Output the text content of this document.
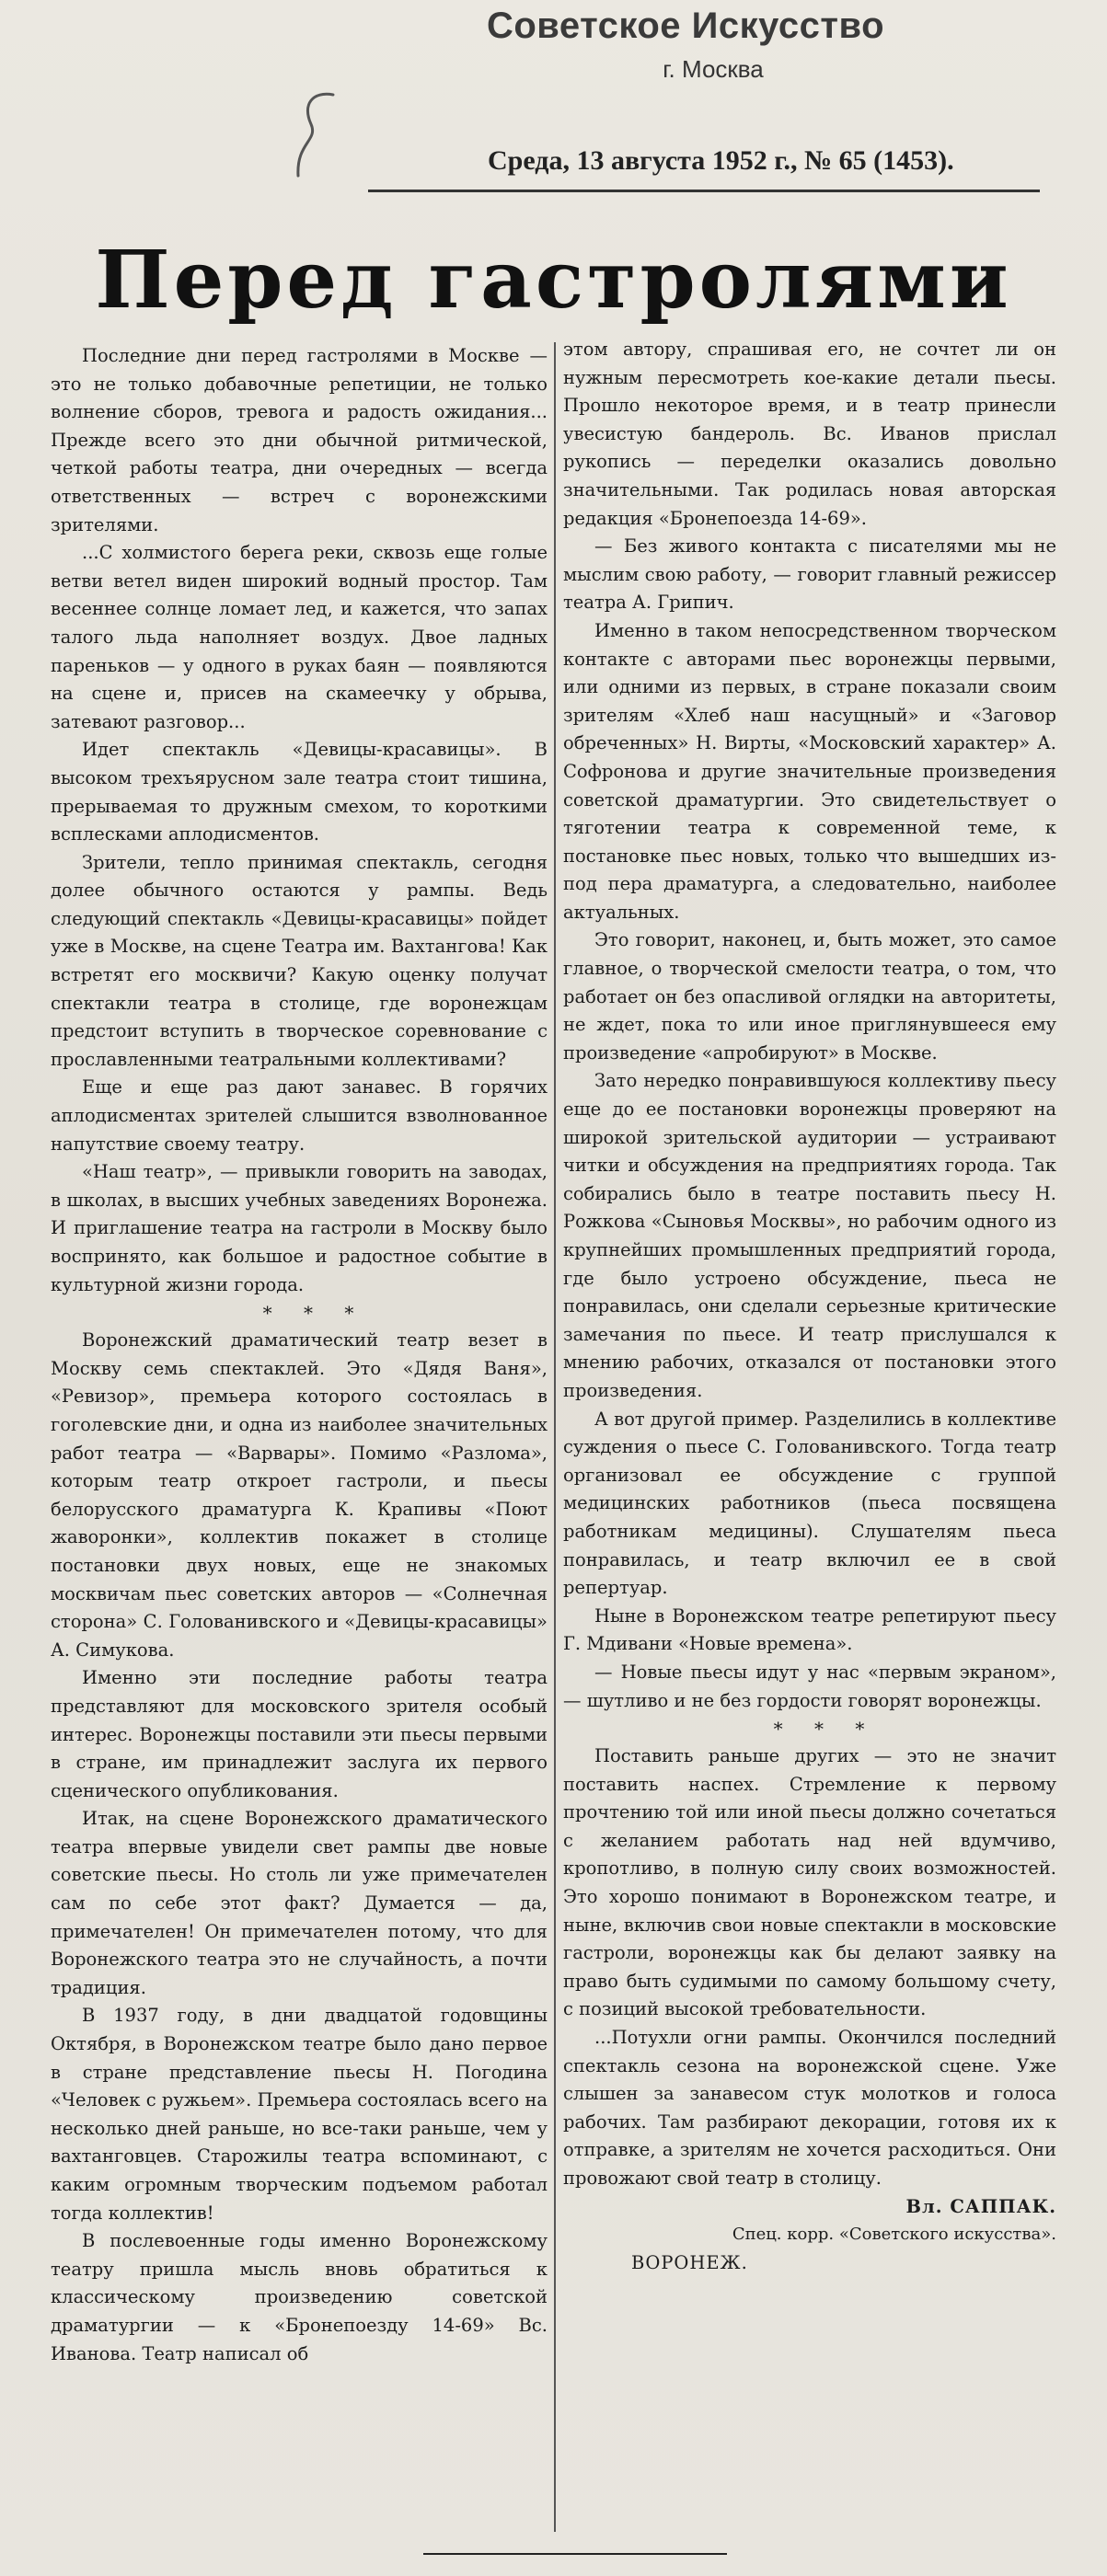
Советское Искусство
г. Москва
Среда, 13 августа 1952 г., № 65 (1453).
Перед гастролями

Последние дни перед гастролями в Москве — это не только добавочные репетиции, не только волнение сборов, тревога и радость ожидания... Прежде всего это дни обычной ритмической, четкой работы театра, дни очередных — всегда ответственных — встреч с воронежскими зрителями.

...С холмистого берега реки, сквозь еще голые ветви ветел виден широкий водный простор. Там весеннее солнце ломает лед, и кажется, что запах талого льда наполняет воздух. Двое ладных пареньков — у одного в руках баян — появляются на сцене и, присев на скамеечку у обрыва, затевают разговор...

Идет спектакль «Девицы-красавицы». В высоком трехъярусном зале театра стоит тишина, прерываемая то дружным смехом, то короткими всплесками аплодисментов.

Зрители, тепло принимая спектакль, сегодня долее обычного остаются у рампы. Ведь следующий спектакль «Девицы-красавицы» пойдет уже в Москве, на сцене Театра им. Вахтангова! Как встретят его москвичи? Какую оценку получат спектакли театра в столице, где воронежцам предстоит вступить в творческое соревнование с прославленными театральными коллективами?

Еще и еще раз дают занавес. В горячих аплодисментах зрителей слышится взволнованное напутствие своему театру.

«Наш театр», — привыкли говорить на заводах, в школах, в высших учебных заведениях Воронежа. И приглашение театра на гастроли в Москву было воспринято, как большое и радостное событие в культурной жизни города.

* * *

Воронежский драматический театр везет в Москву семь спектаклей. Это «Дядя Ваня», «Ревизор», премьера которого состоялась в гоголевские дни, и одна из наиболее значительных работ театра — «Варвары». Помимо «Разлома», которым театр откроет гастроли, и пьесы белорусского драматурга К. Крапивы «Поют жаворонки», коллектив покажет в столице постановки двух новых, еще не знакомых москвичам пьес советских авторов — «Солнечная сторона» С. Голованивского и «Девицы-красавицы» А. Симукова.

Именно эти последние работы театра представляют для московского зрителя особый интерес. Воронежцы поставили эти пьесы первыми в стране, им принадлежит заслуга их первого сценического опубликования.

Итак, на сцене Воронежского драматического театра впервые увидели свет рампы две новые советские пьесы. Но столь ли уже примечателен сам по себе этот факт? Думается — да, примечателен! Он примечателен потому, что для Воронежского театра это не случайность, а почти традиция.

В 1937 году, в дни двадцатой годовщины Октября, в Воронежском театре было дано первое в стране представление пьесы Н. Погодина «Человек с ружьем». Премьера состоялась всего на несколько дней раньше, но все-таки раньше, чем у вахтанговцев. Старожилы театра вспоминают, с каким огромным творческим подъемом работал тогда коллектив!

В послевоенные годы именно Воронежскому театру пришла мысль вновь обратиться к классическому произведению советской драматургии — к «Бронепоезду 14-69» Вс. Иванова. Театр написал об

этом автору, спрашивая его, не сочтет ли он нужным пересмотреть кое-какие детали пьесы. Прошло некоторое время, и в театр принесли увесистую бандероль. Вс. Иванов прислал рукопись — переделки оказались довольно значительными. Так родилась новая авторская редакция «Бронепоезда 14-69».

— Без живого контакта с писателями мы не мыслим свою работу, — говорит главный режиссер театра А. Грипич.

Именно в таком непосредственном творческом контакте с авторами пьес воронежцы первыми, или одними из первых, в стране показали своим зрителям «Хлеб наш насущный» и «Заговор обреченных» Н. Вирты, «Московский характер» А. Софронова и другие значительные произведения советской драматургии. Это свидетельствует о тяготении театра к современной теме, к постановке пьес новых, только что вышедших из-под пера драматурга, а следовательно, наиболее актуальных.

Это говорит, наконец, и, быть может, это самое главное, о творческой смелости театра, о том, что работает он без опасливой оглядки на авторитеты, не ждет, пока то или иное приглянувшееся ему произведение «апробируют» в Москве.

Зато нередко понравившуюся коллективу пьесу еще до ее постановки воронежцы проверяют на широкой зрительской аудитории — устраивают читки и обсуждения на предприятиях города. Так собирались было в театре поставить пьесу Н. Рожкова «Сыновья Москвы», но рабочим одного из крупнейших промышленных предприятий города, где было устроено обсуждение, пьеса не понравилась, они сделали серьезные критические замечания по пьесе. И театр прислушался к мнению рабочих, отказался от постановки этого произведения.

А вот другой пример. Разделились в коллективе суждения о пьесе С. Голованивского. Тогда театр организовал ее обсуждение с группой медицинских работников (пьеса посвящена работникам медицины). Слушателям пьеса понравилась, и театр включил ее в свой репертуар.

Ныне в Воронежском театре репетируют пьесу Г. Мдивани «Новые времена».

— Новые пьесы идут у нас «первым экраном», — шутливо и не без гордости говорят воронежцы.

* * *

Поставить раньше других — это не значит поставить наспех. Стремление к первому прочтению той или иной пьесы должно сочетаться с желанием работать над ней вдумчиво, кропотливо, в полную силу своих возможностей. Это хорошо понимают в Воронежском театре, и ныне, включив свои новые спектакли в московские гастроли, воронежцы как бы делают заявку на право быть судимыми по самому большому счету, с позиций высокой требовательности.

...Потухли огни рампы. Окончился последний спектакль сезона на воронежской сцене. Уже слышен за занавесом стук молотков и голоса рабочих. Там разбирают декорации, готовя их к отправке, а зрителям не хочется расходиться. Они провожают свой театр в столицу.

Вл. САППАК.

Спец. корр. «Советского искусства».

ВОРОНЕЖ.
